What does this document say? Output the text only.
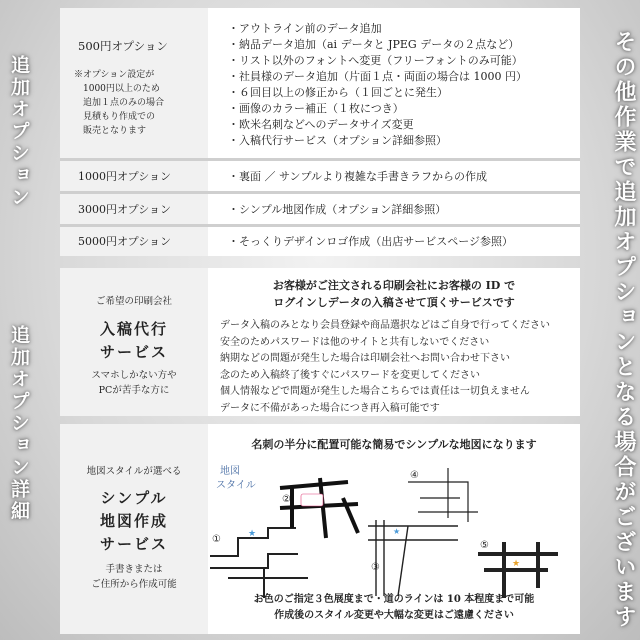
追加オプション
追加オプション詳細	その他作業で追加オプションとなる場合がございます
500円オプション
※オプション設定が
　1000円以上のため
　追加１点のみの場合
　見積もり作成での
　販売となります
・アウトライン前のデータ追加
・納品データ追加（ai データと JPEG データの２点など）
・リスト以外のフォントへ変更（フリーフォントのみ可能）
・社員様のデータ追加（片面１点・両面の場合は 1000 円）
・６回目以上の修正から（１回ごとに発生）
・画像のカラー補正（１枚につき）
・欧米名刺などへのデータサイズ変更
・入稿代行サービス（オプション詳細参照）
1000円オプション	・裏面 ／ サンプルより複雑な手書きラフからの作成
3000円オプション	・シンプル地図作成（オプション詳細参照）
5000円オプション	・そっくりデザインロゴ作成（出店サービスページ参照）
ご希望の印刷会社
入稿代行
サービス
スマホしかない方や
PCが苦手な方に
お客様がご注文される印刷会社にお客様の ID で
ログインしデータの入稿させて頂くサービスです
データ入稿のみとなり会員登録や商品選択などはご自身で行ってください
安全のためパスワードは他のサイトと共有しないでください
納期などの問題が発生した場合は印刷会社へお問い合わせ下さい
念のため入稿終了後すぐにパスワードを変更してください
個人情報などで問題が発生した場合こちらでは責任は一切負えません
データに不備があった場合につき再入稿可能です
地図スタイルが選べる
シンプル
地図作成
サービス
手書きまたは
ご住所から作成可能
名刺の半分に配置可能な簡易でシンプルな地図になります
地図
スタイル
①	★
②
③
★
④
⑤
★
お色のご指定３色展度まで・道のラインは 10 本程度まで可能
作成後のスタイル変更や大幅な変更はご遠慮ください
